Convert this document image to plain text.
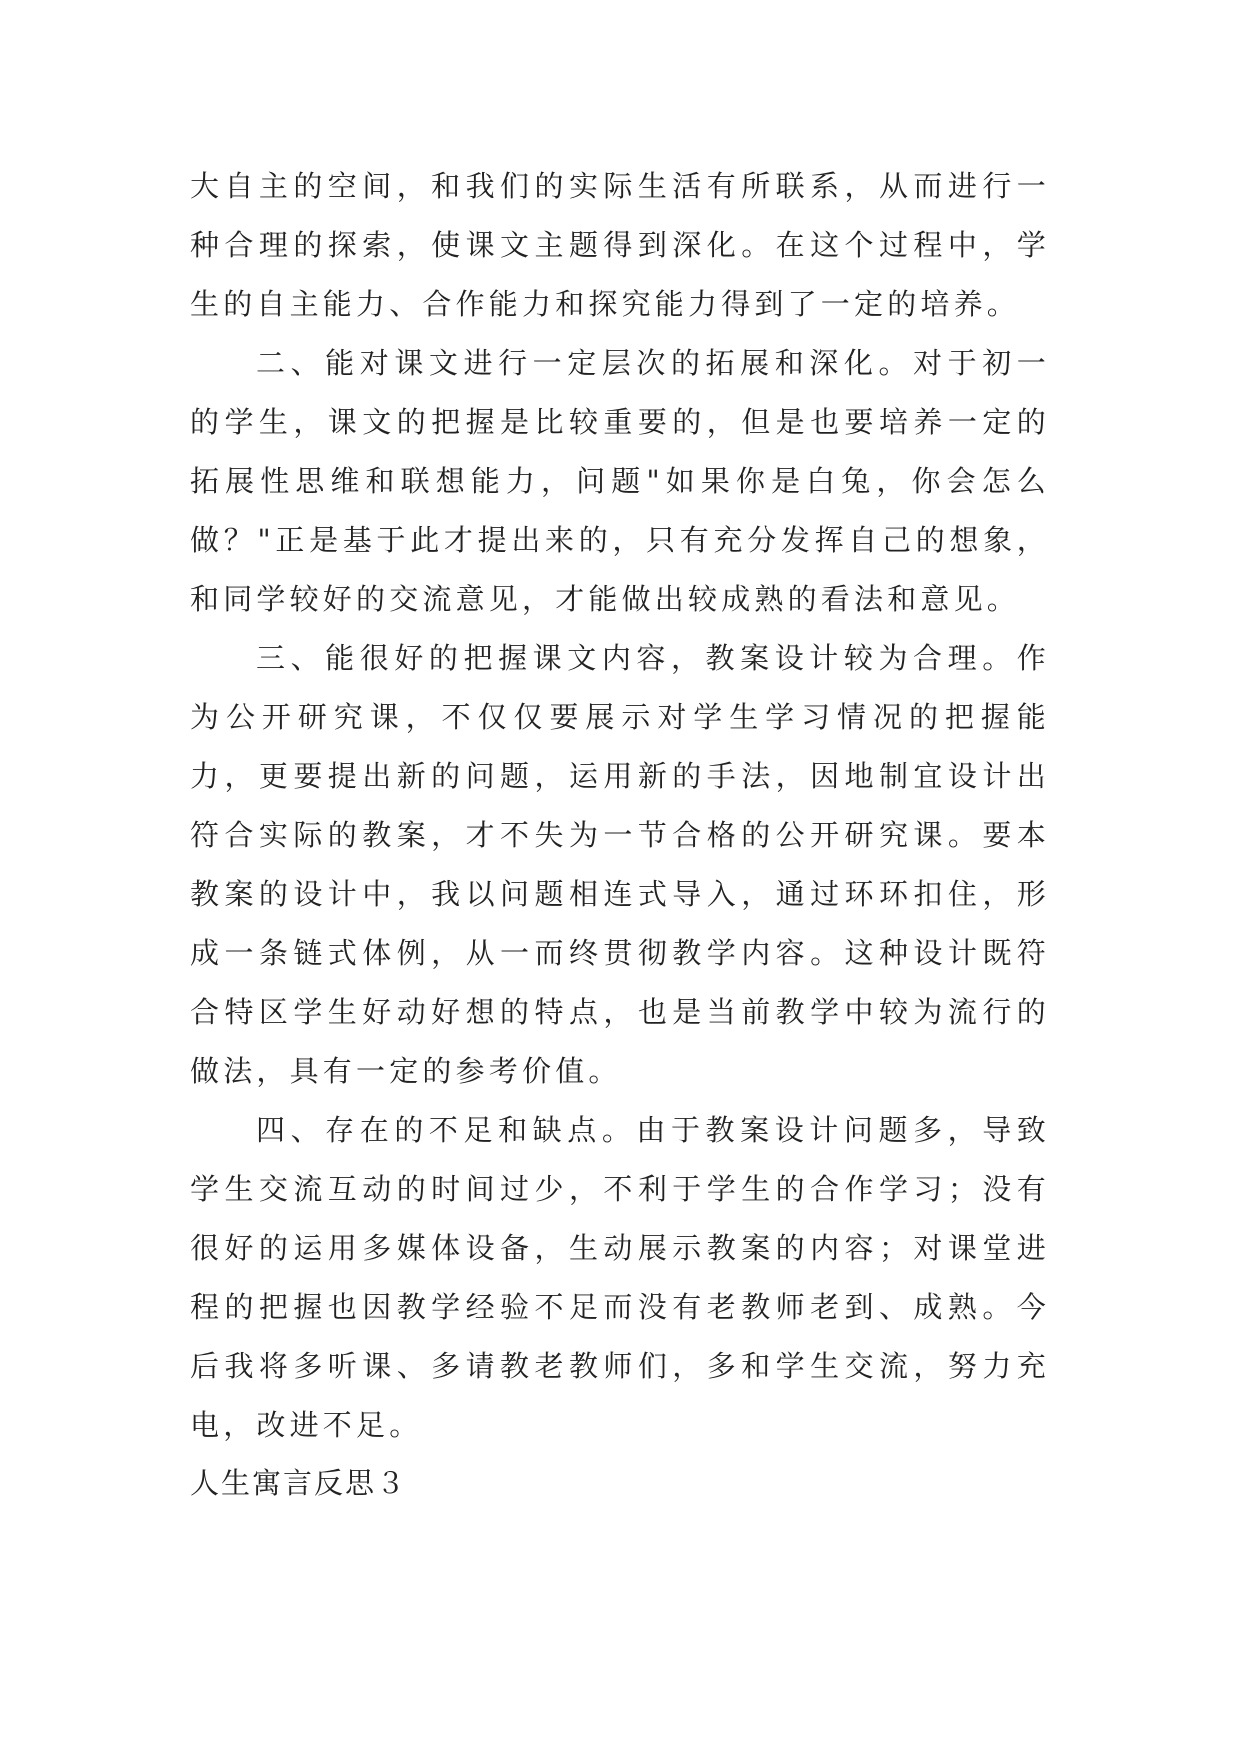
大自主的空间，和我们的实际生活有所联系，从而进行一种合理的探索，使课文主题得到深化。在这个过程中，学生的自主能力、合作能力和探究能力得到了一定的培养。

二、能对课文进行一定层次的拓展和深化。对于初一的学生，课文的把握是比较重要的，但是也要培养一定的拓展性思维和联想能力，问题"如果你是白兔，你会怎么做？"正是基于此才提出来的，只有充分发挥自己的想象，和同学较好的交流意见，才能做出较成熟的看法和意见。

三、能很好的把握课文内容，教案设计较为合理。作为公开研究课，不仅仅要展示对学生学习情况的把握能力，更要提出新的问题，运用新的手法，因地制宜设计出符合实际的教案，才不失为一节合格的公开研究课。要本教案的设计中，我以问题相连式导入，通过环环扣住，形成一条链式体例，从一而终贯彻教学内容。这种设计既符合特区学生好动好想的特点，也是当前教学中较为流行的做法，具有一定的参考价值。

四、存在的不足和缺点。由于教案设计问题多，导致学生交流互动的时间过少，不利于学生的合作学习；没有很好的运用多媒体设备，生动展示教案的内容；对课堂进程的把握也因教学经验不足而没有老教师老到、成熟。今后我将多听课、多请教老教师们，多和学生交流，努力充电，改进不足。

人生寓言反思３
